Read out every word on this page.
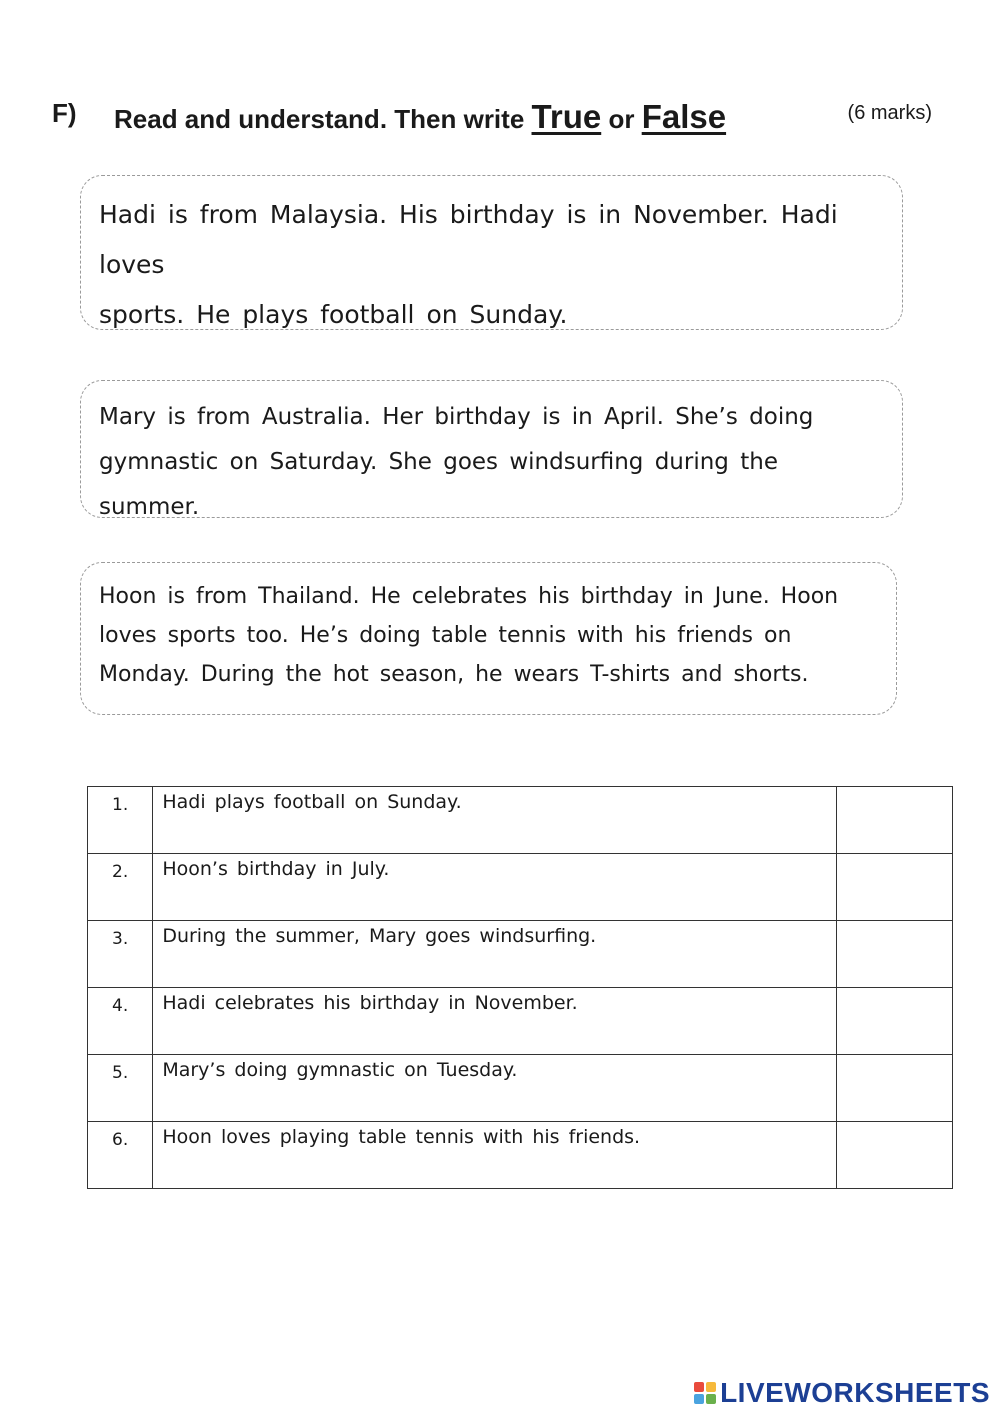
F) Read and understand. Then write True or False	(6 marks)
Hadi is from Malaysia. His birthday is in November. Hadi loves
sports. He plays football on Sunday.
Mary is from Australia. Her birthday is in April. She’s doing
gymnastic on Saturday. She goes windsurfing during the summer.
Hoon is from Thailand. He celebrates his birthday in June. Hoon
loves sports too. He’s doing table tennis with his friends on
Monday. During the hot season, he wears T-shirts and shorts.
1.	Hadi plays football on Sunday.	
2.	Hoon’s birthday in July.	
3.	During the summer, Mary goes windsurfing.	
4.	Hadi celebrates his birthday in November.	
5.	Mary’s doing gymnastic on Tuesday.	
6.	Hoon loves playing table tennis with his friends.	
LIVEWORKSHEETS
